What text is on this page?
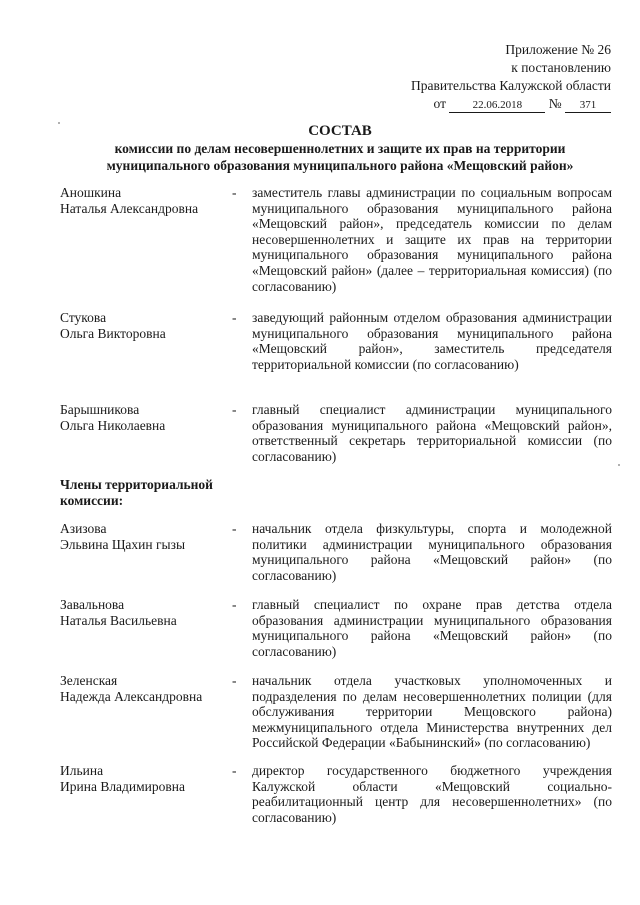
Приложение № 26
к постановлению
Правительства Калужской области
от 22.06.2018 № 371
СОСТАВ
комиссии по делам несовершеннолетних и защите их прав на территории
муниципального образования муниципального района «Мещовский район»
Аношкина
Наталья Александровна
- заместитель главы администрации по социальным вопросам муниципального образования муниципального района «Мещовский район», председатель комиссии по делам несовершеннолетних и защите их прав на территории муниципального образования муниципального района «Мещовский район» (далее – территориальная комиссия) (по согласованию)
Стукова
Ольга Викторовна
- заведующий районным отделом образования администрации муниципального образования муниципального района «Мещовский район», заместитель председателя территориальной комиссии (по согласованию)
Барышникова
Ольга Николаевна
- главный специалист администрации муниципального образования муниципального района «Мещовский район», ответственный секретарь территориальной комиссии (по согласованию)
Члены территориальной
комиссии:
Азизова
Эльвина Щахин гызы
- начальник отдела физкультуры, спорта и молодежной политики администрации муниципального образования муниципального района «Мещовский район» (по согласованию)
Завальнова
Наталья Васильевна
- главный специалист по охране прав детства отдела образования администрации муниципального образования муниципального района «Мещовский район» (по согласованию)
Зеленская
Надежда Александровна
- начальник отдела участковых уполномоченных и подразделения по делам несовершеннолетних полиции (для обслуживания территории Мещовского района) межмуниципального отдела Министерства внутренних дел Российской Федерации «Бабынинский» (по согласованию)
Ильина
Ирина Владимировна
- директор государственного бюджетного учреждения Калужской области «Мещовский социально-реабилитационный центр для несовершеннолетних» (по согласованию)
